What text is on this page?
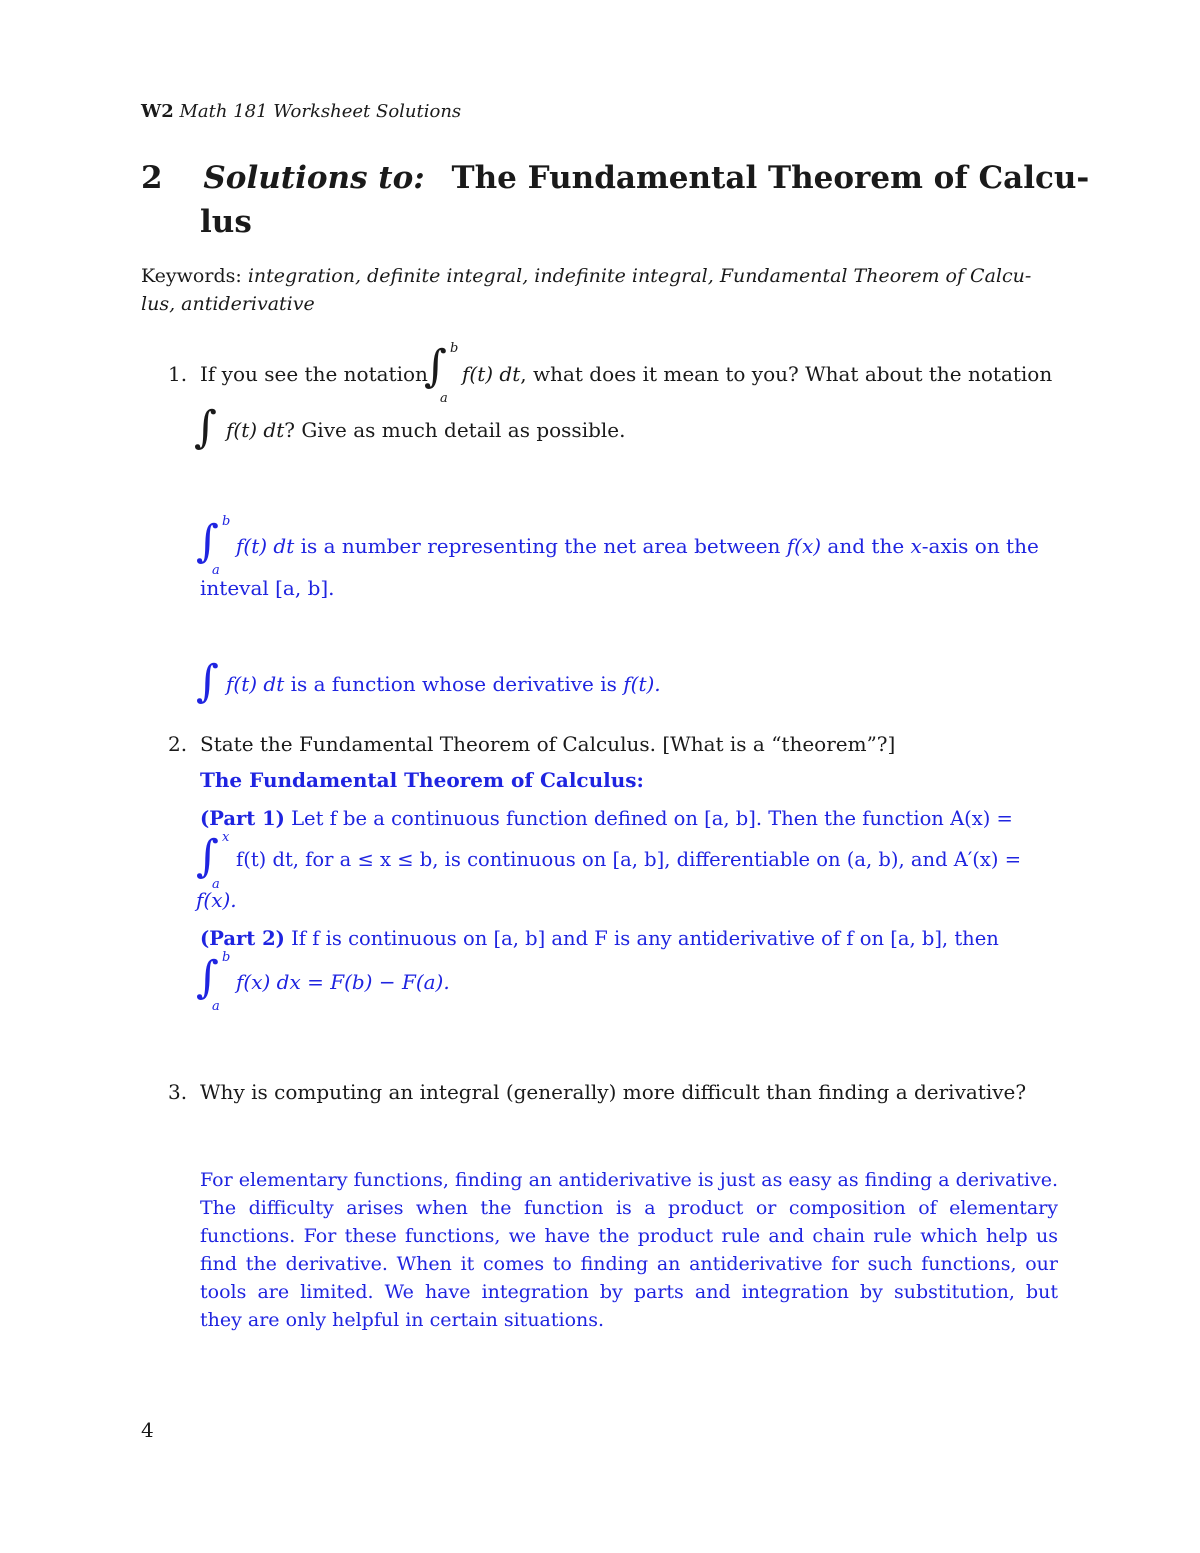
W2 Math 181 Worksheet Solutions
2 Solutions to: The Fundamental Theorem of Calcu-
lus
Keywords: integration, definite integral, indefinite integral, Fundamental Theorem of Calcu-
lus, antiderivative
1. If you see the notation
∫ b
a
f(t) dt, what does it mean to you? What about the notation
∫ f(t) dt? Give as much detail as possible.
∫ b
a
f(t) dt is a number representing the net area between f(x) and the x-axis on the
inteval [a, b].
∫ f(t) dt is a function whose derivative is f(t).
2. State the Fundamental Theorem of Calculus. [What is a “theorem”?]
The Fundamental Theorem of Calculus:
(Part 1) Let f be a continuous function defined on [a, b]. Then the function A(x) =
∫ x
a
f(t) dt, for a ≤ x ≤ b, is continuous on [a, b], differentiable on (a, b), and A′(x) =
f(x).
(Part 2) If f is continuous on [a, b] and F is any antiderivative of f on [a, b], then
∫ b
a
f(x) dx = F(b) − F(a).
3. Why is computing an integral (generally) more difficult than finding a derivative?
For elementary functions, finding an antiderivative is just as easy as finding a derivative.
The difficulty arises when the function is a product or composition of elementary
functions. For these functions, we have the product rule and chain rule which help us
find the derivative. When it comes to finding an antiderivative for such functions, our
tools are limited. We have integration by parts and integration by substitution, but
they are only helpful in certain situations.
4
